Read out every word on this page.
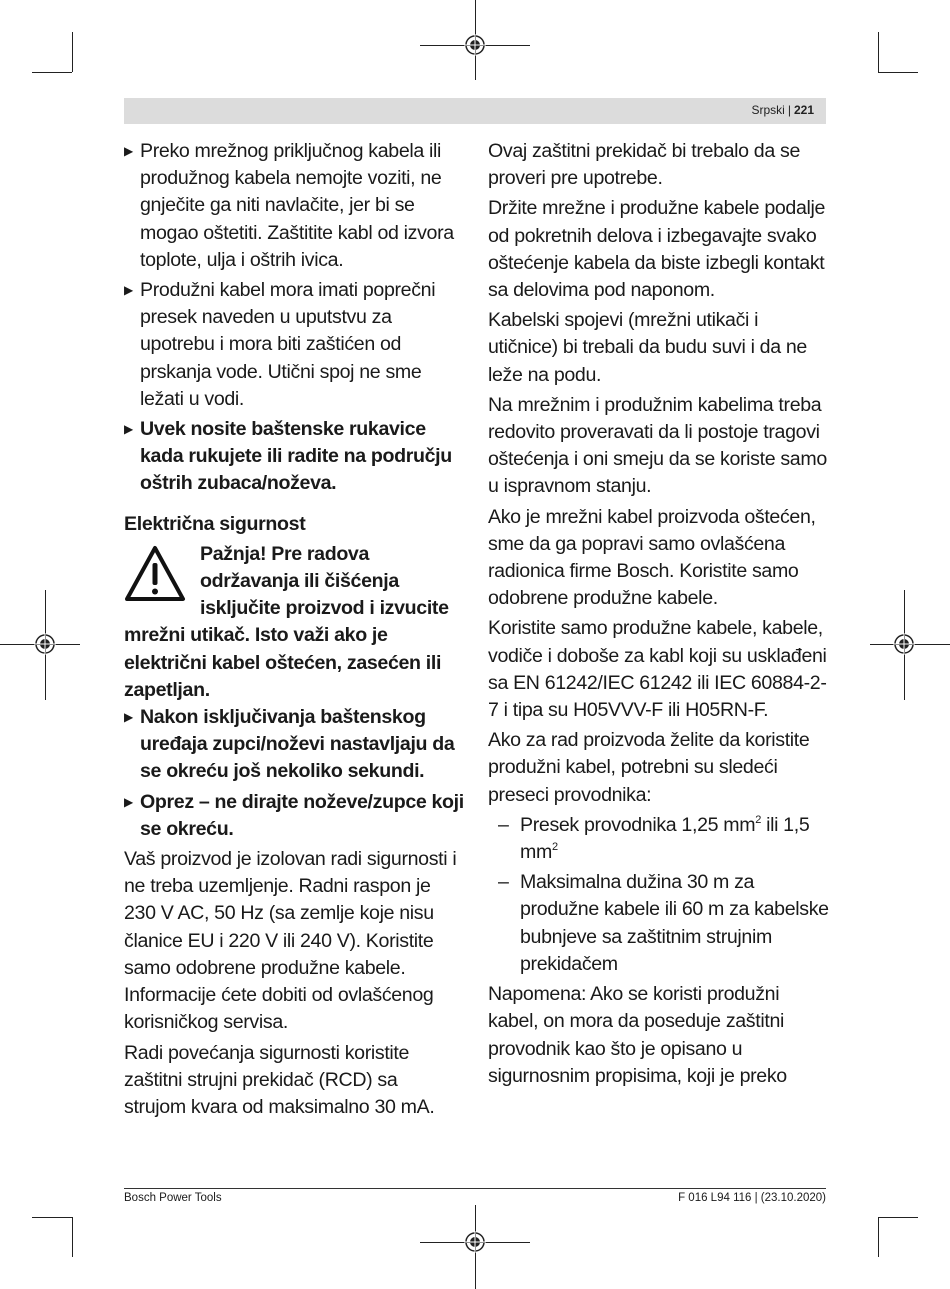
Srpski | 221
▶ Preko mrežnog priključnog kabela ili produžnog kabela nemojte voziti, ne gnječite ga niti navlačite, jer bi se mogao oštetiti. Zaštitite kabl od izvora toplote, ulja i oštrih ivica.
▶ Produžni kabel mora imati poprečni presek naveden u uputstvu za upotrebu i mora biti zaštićen od prskanja vode. Utični spoj ne sme ležati u vodi.
▶ Uvek nosite baštenske rukavice kada rukujete ili radite na području oštrih zubaca/noževa.
Električna sigurnost
Pažnja! Pre radova održavanja ili čišćenja isključite proizvod i izvucite mrežni utikač. Isto važi ako je električni kabel oštećen, zasećen ili zapetljan.
▶ Nakon isključivanja baštenskog uređaja zupci/noževi nastavljaju da se okreću još nekoliko sekundi.
▶ Oprez – ne dirajte noževe/zupce koji se okreću.

Vaš proizvod je izolovan radi sigurnosti i ne treba uzemljenje. Radni raspon je 230 V AC, 50 Hz (sa zemlje koje nisu članice EU i 220 V ili 240 V). Koristite samo odobrene produžne kabele. Informacije ćete dobiti od ovlašćenog korisničkog servisa.

Radi povećanja sigurnosti koristite zaštitni strujni prekidač (RCD) sa strujom kvara od maksimalno 30 mA.

Ovaj zaštitni prekidač bi trebalo da se proveri pre upotrebe.

Držite mrežne i produžne kabele podalje od pokretnih delova i izbegavajte svako oštećenje kabela da biste izbegli kontakt sa delovima pod naponom.

Kabelski spojevi (mrežni utikači i utičnice) bi trebali da budu suvi i da ne leže na podu.

Na mrežnim i produžnim kabelima treba redovito proveravati da li postoje tragovi oštećenja i oni smeju da se koriste samo u ispravnom stanju.

Ako je mrežni kabel proizvoda oštećen, sme da ga popravi samo ovlašćena radionica firme Bosch. Koristite samo odobrene produžne kabele.

Koristite samo produžne kabele, kabele, vodiče i doboše za kabl koji su usklađeni sa EN 61242/IEC 61242 ili IEC 60884-2-7 i tipa su H05VVV-F ili H05RN-F.

Ako za rad proizvoda želite da koristite produžni kabel, potrebni su sledeći preseci provodnika:

– Presek provodnika 1,25 $mm^2$ ili 1,5 $mm^2$
– Maksimalna dužina 30 m za produžne kabele ili 60 m za kabelske bubnjeve sa zaštitnim strujnim prekidačem

Napomena: Ako se koristi produžni kabel, on mora da poseduje zaštitni provodnik kao što je opisano u sigurnosnim propisima, koji je preko

Bosch Power Tools	F 016 L94 116 | (23.10.2020)
